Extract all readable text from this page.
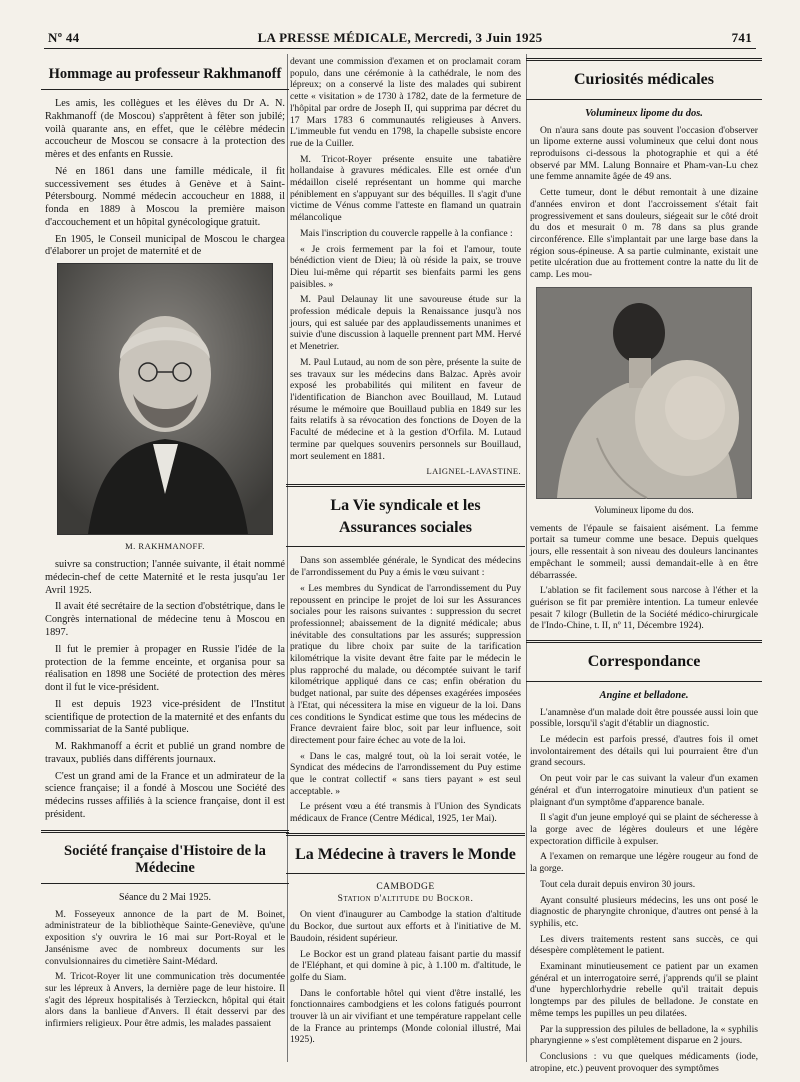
Nº 44	LA PRESSE MÉDICALE, Mercredi, 3 Juin 1925	741
Hommage au professeur Rakhmanoff

Les amis, les collègues et les élèves du Dr A. N. Rakhmanoff (de Moscou) s'apprêtent à fêter son jubilé; voilà quarante ans, en effet, que le célèbre médecin accoucheur de Moscou se consacre à la protection des mères et des enfants en Russie.

Né en 1861 dans une famille médicale, il fit successivement ses études à Genève et à Saint-Pétersbourg. Nommé médecin accoucheur en 1888, il fonda en 1889 à Moscou la première maison d'accouchement et un hôpital gynécologique gratuit.

En 1905, le Conseil municipal de Moscou le chargea d'élaborer un projet de maternité et de

M. RAKHMANOFF.

suivre sa construction; l'année suivante, il était nommé médecin-chef de cette Maternité et le resta jusqu'au 1er Avril 1925.

Il avait été secrétaire de la section d'obstétrique, dans le Congrès international de médecine tenu à Moscou en 1897.

Il fut le premier à propager en Russie l'idée de la protection de la femme enceinte, et organisa pour sa réalisation en 1898 une Société de protection des mères dont il fut le vice-président.

Il est depuis 1923 vice-président de l'Institut scientifique de protection de la maternité et des enfants du commissariat de la Santé publique.

M. Rakhmanoff a écrit et publié un grand nombre de travaux, publiés dans différents journaux.

C'est un grand ami de la France et un admirateur de la science française; il a fondé à Moscou une Société des médecins russes affiliés à la science française, dont il est président.

Société française d'Histoire de la Médecine
Séance du 2 Mai 1925.

M. Fosseyeux annonce de la part de M. Boinet, administrateur de la bibliothèque Sainte-Geneviève, qu'une exposition s'y ouvrira le 16 mai sur Port-Royal et le Jansénisme avec de nombreux documents sur les convulsionnaires du cimetière Saint-Médard.

M. Tricot-Royer lit une communication très documentée sur les lépreux à Anvers, la dernière page de leur histoire. Il s'agit des lépreux hospitalisés à Terzieckcn, hôpital qui était alors dans la banlieue d'Anvers. Il était desservi par des infirmiers religieux. Pour être admis, les malades passaient

devant une commission d'examen et on proclamait coram populo, dans une cérémonie à la cathédrale, le nom des lépreux; on a conservé la liste des malades qui subirent cette « visitation » de 1730 à 1782, date de la fermeture de l'hôpital par ordre de Joseph II, qui supprima par décret du 17 Mars 1783 6 communautés religieuses à Anvers. L'immeuble fut vendu en 1798, la chapelle subsiste encore rue de la Cuiller.

M. Tricot-Royer présente ensuite une tabatière hollandaise à gravures médicales. Elle est ornée d'un médaillon ciselé représentant un homme qui marche péniblement en s'appuyant sur des béquilles. Il s'agit d'une victime de Vénus comme l'atteste en flamand un quatrain mélancolique

Mais l'inscription du couvercle rappelle à la confiance :

« Je crois fermement par la foi et l'amour, toute bénédiction vient de Dieu; là où réside la paix, se trouve Dieu lui-même qui répartit ses bienfaits parmi les gens paisibles. »

M. Paul Delaunay lit une savoureuse étude sur la profession médicale depuis la Renaissance jusqu'à nos jours, qui est saluée par des applaudissements unanimes et suivie d'une discussion à laquelle prennent part MM. Hervé et Menetrier.

M. Paul Lutaud, au nom de son père, présente la suite de ses travaux sur les médecins dans Balzac. Après avoir exposé les probabilités qui militent en faveur de l'identification de Bianchon avec Bouillaud, M. Lutaud résume le mémoire que Bouillaud publia en 1849 sur les faits relatifs à sa révocation des fonctions de Doyen de la Faculté de médecine et à la gestion d'Orfila. M. Lutaud termine par quelques souvenirs personnels sur Bouillaud, mort seulement en 1881.

LAIGNEL-LAVASTINE.
La Vie syndicale et les Assurances sociales

Dans son assemblée générale, le Syndicat des médecins de l'arrondissement du Puy a émis le vœu suivant :

« Les membres du Syndicat de l'arrondissement du Puy repoussent en principe le projet de loi sur les Assurances sociales pour les raisons suivantes : suppression du secret professionnel; abaissement de la dignité médicale; abus inévitable des consultations par les assurés; suppression pratique du libre choix par suite de la tarification kilométrique la visite devant être faite par le médecin le plus rapproché du malade, ou décomptée suivant le tarif kilométrique appliqué dans ce cas; enfin obération du budget national, par suite des dépenses exagérées imposées à l'Etat, qui nécessitera la mise en vigueur de la loi. Dans ces conditions le Syndicat estime que tous les médecins de France devraient faire bloc, soit par leur influence, soit directement pour faire échec au vote de la loi.

« Dans le cas, malgré tout, où la loi serait votée, le Syndicat des médecins de l'arrondissement du Puy estime que le contrat collectif « sans tiers payant » est seul acceptable. »

Le présent vœu a été transmis à l'Union des Syndicats médicaux de France (Centre Médical, 1925, 1er Mai).

La Médecine à travers le Monde
CAMBODGE
Station d'altitude du Bockor.

On vient d'inaugurer au Cambodge la station d'altitude du Bockor, due surtout aux efforts et à l'initiative de M. Baudoin, résident supérieur.

Le Bockor est un grand plateau faisant partie du massif de l'Eléphant, et qui domine à pic, à 1.100 m. d'altitude, le golfe du Siam.

Dans le confortable hôtel qui vient d'être installé, les fonctionnaires cambodgiens et les colons fatigués pourront trouver là un air vivifiant et une température rappelant celle de la France au printemps (Monde colonial illustré, Mai 1925).

Curiosités médicales
Volumineux lipome du dos.

On n'aura sans doute pas souvent l'occasion d'observer un lipome externe aussi volumineux que celui dont nous reproduisons ci-dessous la photographie et qui a été observé par MM. Lalung Bonnaire et Pham-van-Lu chez une femme annamite âgée de 49 ans.

Cette tumeur, dont le début remontait à une dizaine d'années environ et dont l'accroissement s'était fait progressivement et sans douleurs, siégeait sur le côté droit du dos et mesurait 0 m. 78 dans sa plus grande circonférence. Elle s'implantait par une large base dans la région sous-épineuse. A sa partie culminante, existait une petite ulcération due au frottement contre la natte du lit de camp. Les mou-

Volumineux lipome du dos.

vements de l'épaule se faisaient aisément. La femme portait sa tumeur comme une besace. Depuis quelques jours, elle ressentait à son niveau des douleurs lancinantes empêchant le sommeil; aussi demandait-elle à en être débarrassée.

L'ablation se fit facilement sous narcose à l'éther et la guérison se fit par première intention. La tumeur enlevée pesait 7 kilogr (Bulletin de la Société médico-chirurgicale de l'Indo-Chine, t. II, nº 11, Décembre 1924).

Correspondance
Angine et belladone.

L'anamnèse d'un malade doit être poussée aussi loin que possible, lorsqu'il s'agit d'établir un diagnostic.

Le médecin est parfois pressé, d'autres fois il omet involontairement des détails qui lui pourraient être d'un grand secours.

On peut voir par le cas suivant la valeur d'un examen général et d'un interrogatoire minutieux d'un patient se plaignant d'un symptôme d'apparence banale.

Il s'agit d'un jeune employé qui se plaint de sécheresse à la gorge avec de légères douleurs et une légère expectoration difficile à expulser.

A l'examen on remarque une légère rougeur au fond de la gorge.

Tout cela durait depuis environ 30 jours.

Ayant consulté plusieurs médecins, les uns ont posé le diagnostic de pharyngite chronique, d'autres ont pensé à la syphilis, etc.

Les divers traitements restent sans succès, ce qui désespère complètement le patient.

Examinant minutieusement ce patient par un examen général et un interrogatoire serré, j'apprends qu'il se plaint d'une hyperchlorhydrie rebelle qu'il traitait depuis longtemps par des pilules de belladone. Je constate en même temps les pupilles un peu dilatées.

Par la suppression des pilules de belladone, la « syphilis pharyngienne » s'est complètement disparue en 2 jours.

Conclusions : vu que quelques médicaments (iode, atropine, etc.) peuvent provoquer des symptômes
